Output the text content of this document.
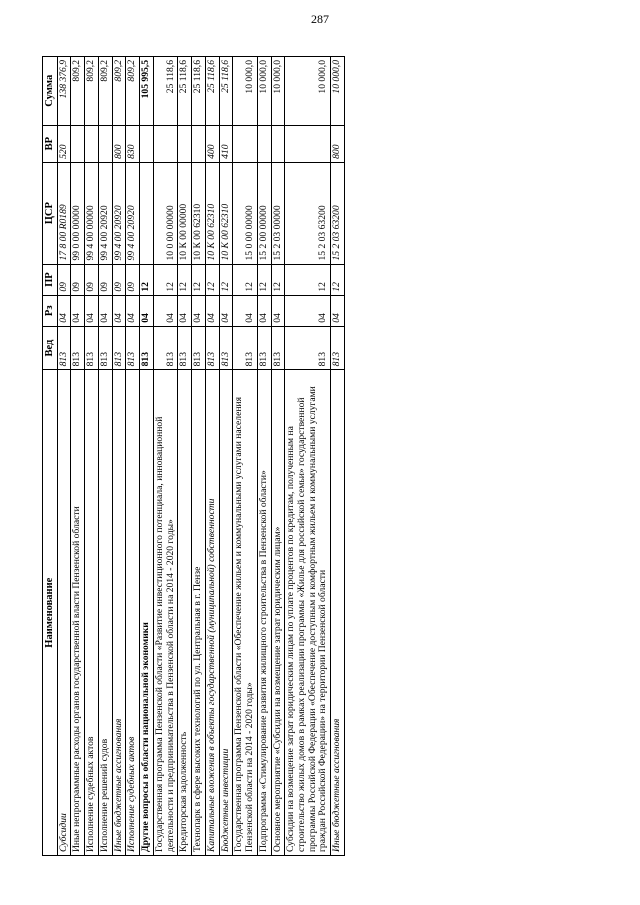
287
Наименование	Вед	Рз	ПР	ЦСР	ВР	Сумма
Субсидии	813	04	09	17 8 00 R0189	520	138 376,9
Иные непрограммные расходы органов государственной власти Пензенской области	813	04	09	99 0 00 00000		809,2
Исполнение судебных актов	813	04	09	99 4 00 00000		809,2
Исполнение решений судов	813	04	09	99 4 00 20920		809,2
Иные бюджетные ассигнования	813	04	09	99 4 00 20920	800	809,2
Исполнение судебных актов	813	04	09	99 4 00 20920	830	809,2
Другие вопросы в области национальной экономики	813	04	12			105 995,5
Государственная программа Пензенской области «Развитие инвестиционного потенциала, инновационной деятельности и предпринимательства в Пензенской области на 2014 - 2020 годы»	813	04	12	10 0 00 00000		25 118,6
Кредиторская задолженность	813	04	12	10 К 00 00000		25 118,6
Технопарк в сфере высоких технологий по ул. Центральная в г. Пензе	813	04	12	10 К 00 62310		25 118,6
Капитальные вложения в объекты государственной (муниципальной) собственности	813	04	12	10 К 00 62310	400	25 118,6
Бюджетные инвестиции	813	04	12	10 К 00 62310	410	25 118,6
Государственная программа Пензенской области «Обеспечение жильем и коммунальными услугами населения Пензенской области на 2014 - 2020 годы»	813	04	12	15 0 00 00000		10 000,0
Подпрограмма «Стимулирование развития жилищного строительства в Пензенской области»	813	04	12	15 2 00 00000		10 000,0
Основное мероприятие «Субсидии на возмещение затрат юридическим лицам»	813	04	12	15 2 03 00000		10 000,0
Субсидии на возмещение затрат юридическим лицам по уплате процентов по кредитам, полученным на строительство жилых домов в рамках реализации программы «Жилье для российской семьи» государственной программы Российской Федерации «Обеспечение доступным и комфортным жильем и коммунальными услугами граждан Российской Федерации» на территории Пензенской области	813	04	12	15 2 03 63200		10 000,0
Иные бюджетные ассигнования	813	04	12	15 2 03 63200	800	10 000,0
